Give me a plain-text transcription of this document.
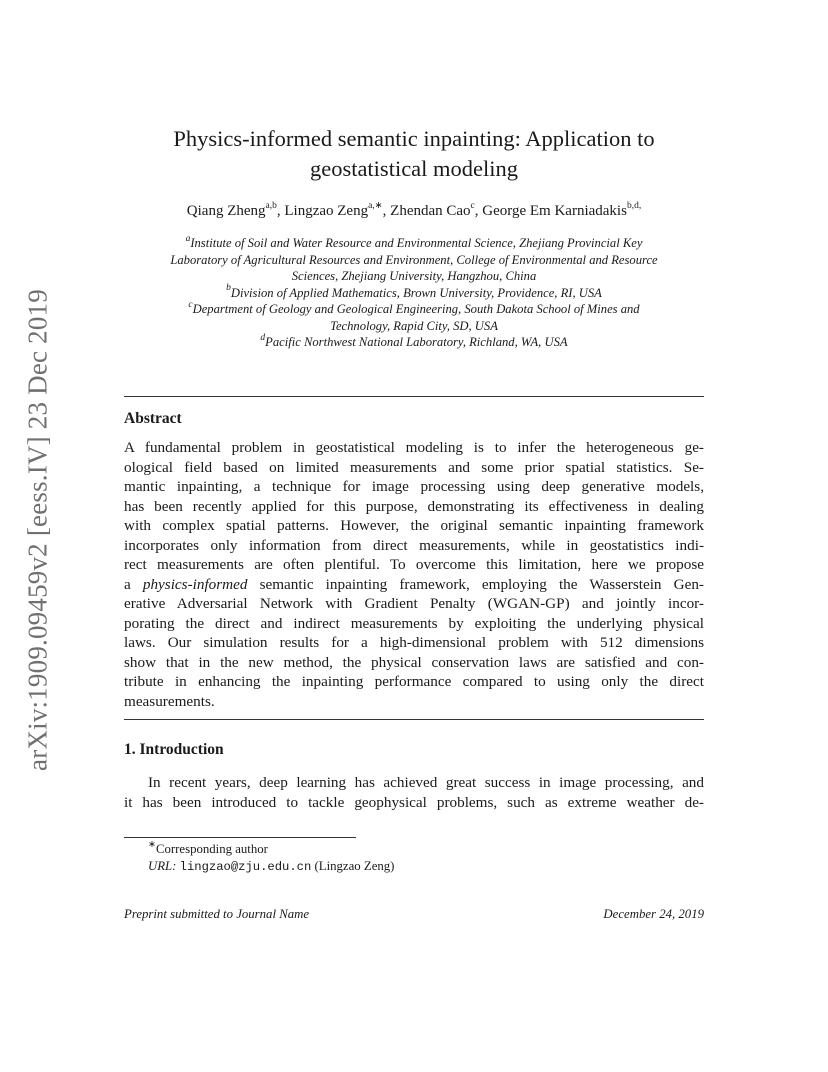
arXiv:1909.09459v2 [eess.IV] 23 Dec 2019
Physics-informed semantic inpainting: Application to
geostatistical modeling
Qiang Zheng$^{a,b}$, Lingzao Zeng$^{a,∗}$, Zhendan Cao$^c$, George Em Karniadakis$^{b,d,}$
$^a$Institute of Soil and Water Resource and Environmental Science, Zhejiang Provincial Key
Laboratory of Agricultural Resources and Environment, College of Environmental and Resource
Sciences, Zhejiang University, Hangzhou, China
$^b$Division of Applied Mathematics, Brown University, Providence, RI, USA
$^c$Department of Geology and Geological Engineering, South Dakota School of Mines and
Technology, Rapid City, SD, USA
$^d$Pacific Northwest National Laboratory, Richland, WA, USA
Abstract
A fundamental problem in geostatistical modeling is to infer the heterogeneous ge-
ological field based on limited measurements and some prior spatial statistics. Se-
mantic inpainting, a technique for image processing using deep generative models,
has been recently applied for this purpose, demonstrating its effectiveness in dealing
with complex spatial patterns. However, the original semantic inpainting framework
incorporates only information from direct measurements, while in geostatistics indi-
rect measurements are often plentiful. To overcome this limitation, here we propose
a physics-informed semantic inpainting framework, employing the Wasserstein Gen-
erative Adversarial Network with Gradient Penalty (WGAN-GP) and jointly incor-
porating the direct and indirect measurements by exploiting the underlying physical
laws. Our simulation results for a high-dimensional problem with 512 dimensions
show that in the new method, the physical conservation laws are satisfied and con-
tribute in enhancing the inpainting performance compared to using only the direct
measurements.
1. Introduction
In recent years, deep learning has achieved great success in image processing, and
it has been introduced to tackle geophysical problems, such as extreme weather de-
∗Corresponding author
URL: lingzao@zju.edu.cn (Lingzao Zeng)
Preprint submitted to Journal Name	December 24, 2019
